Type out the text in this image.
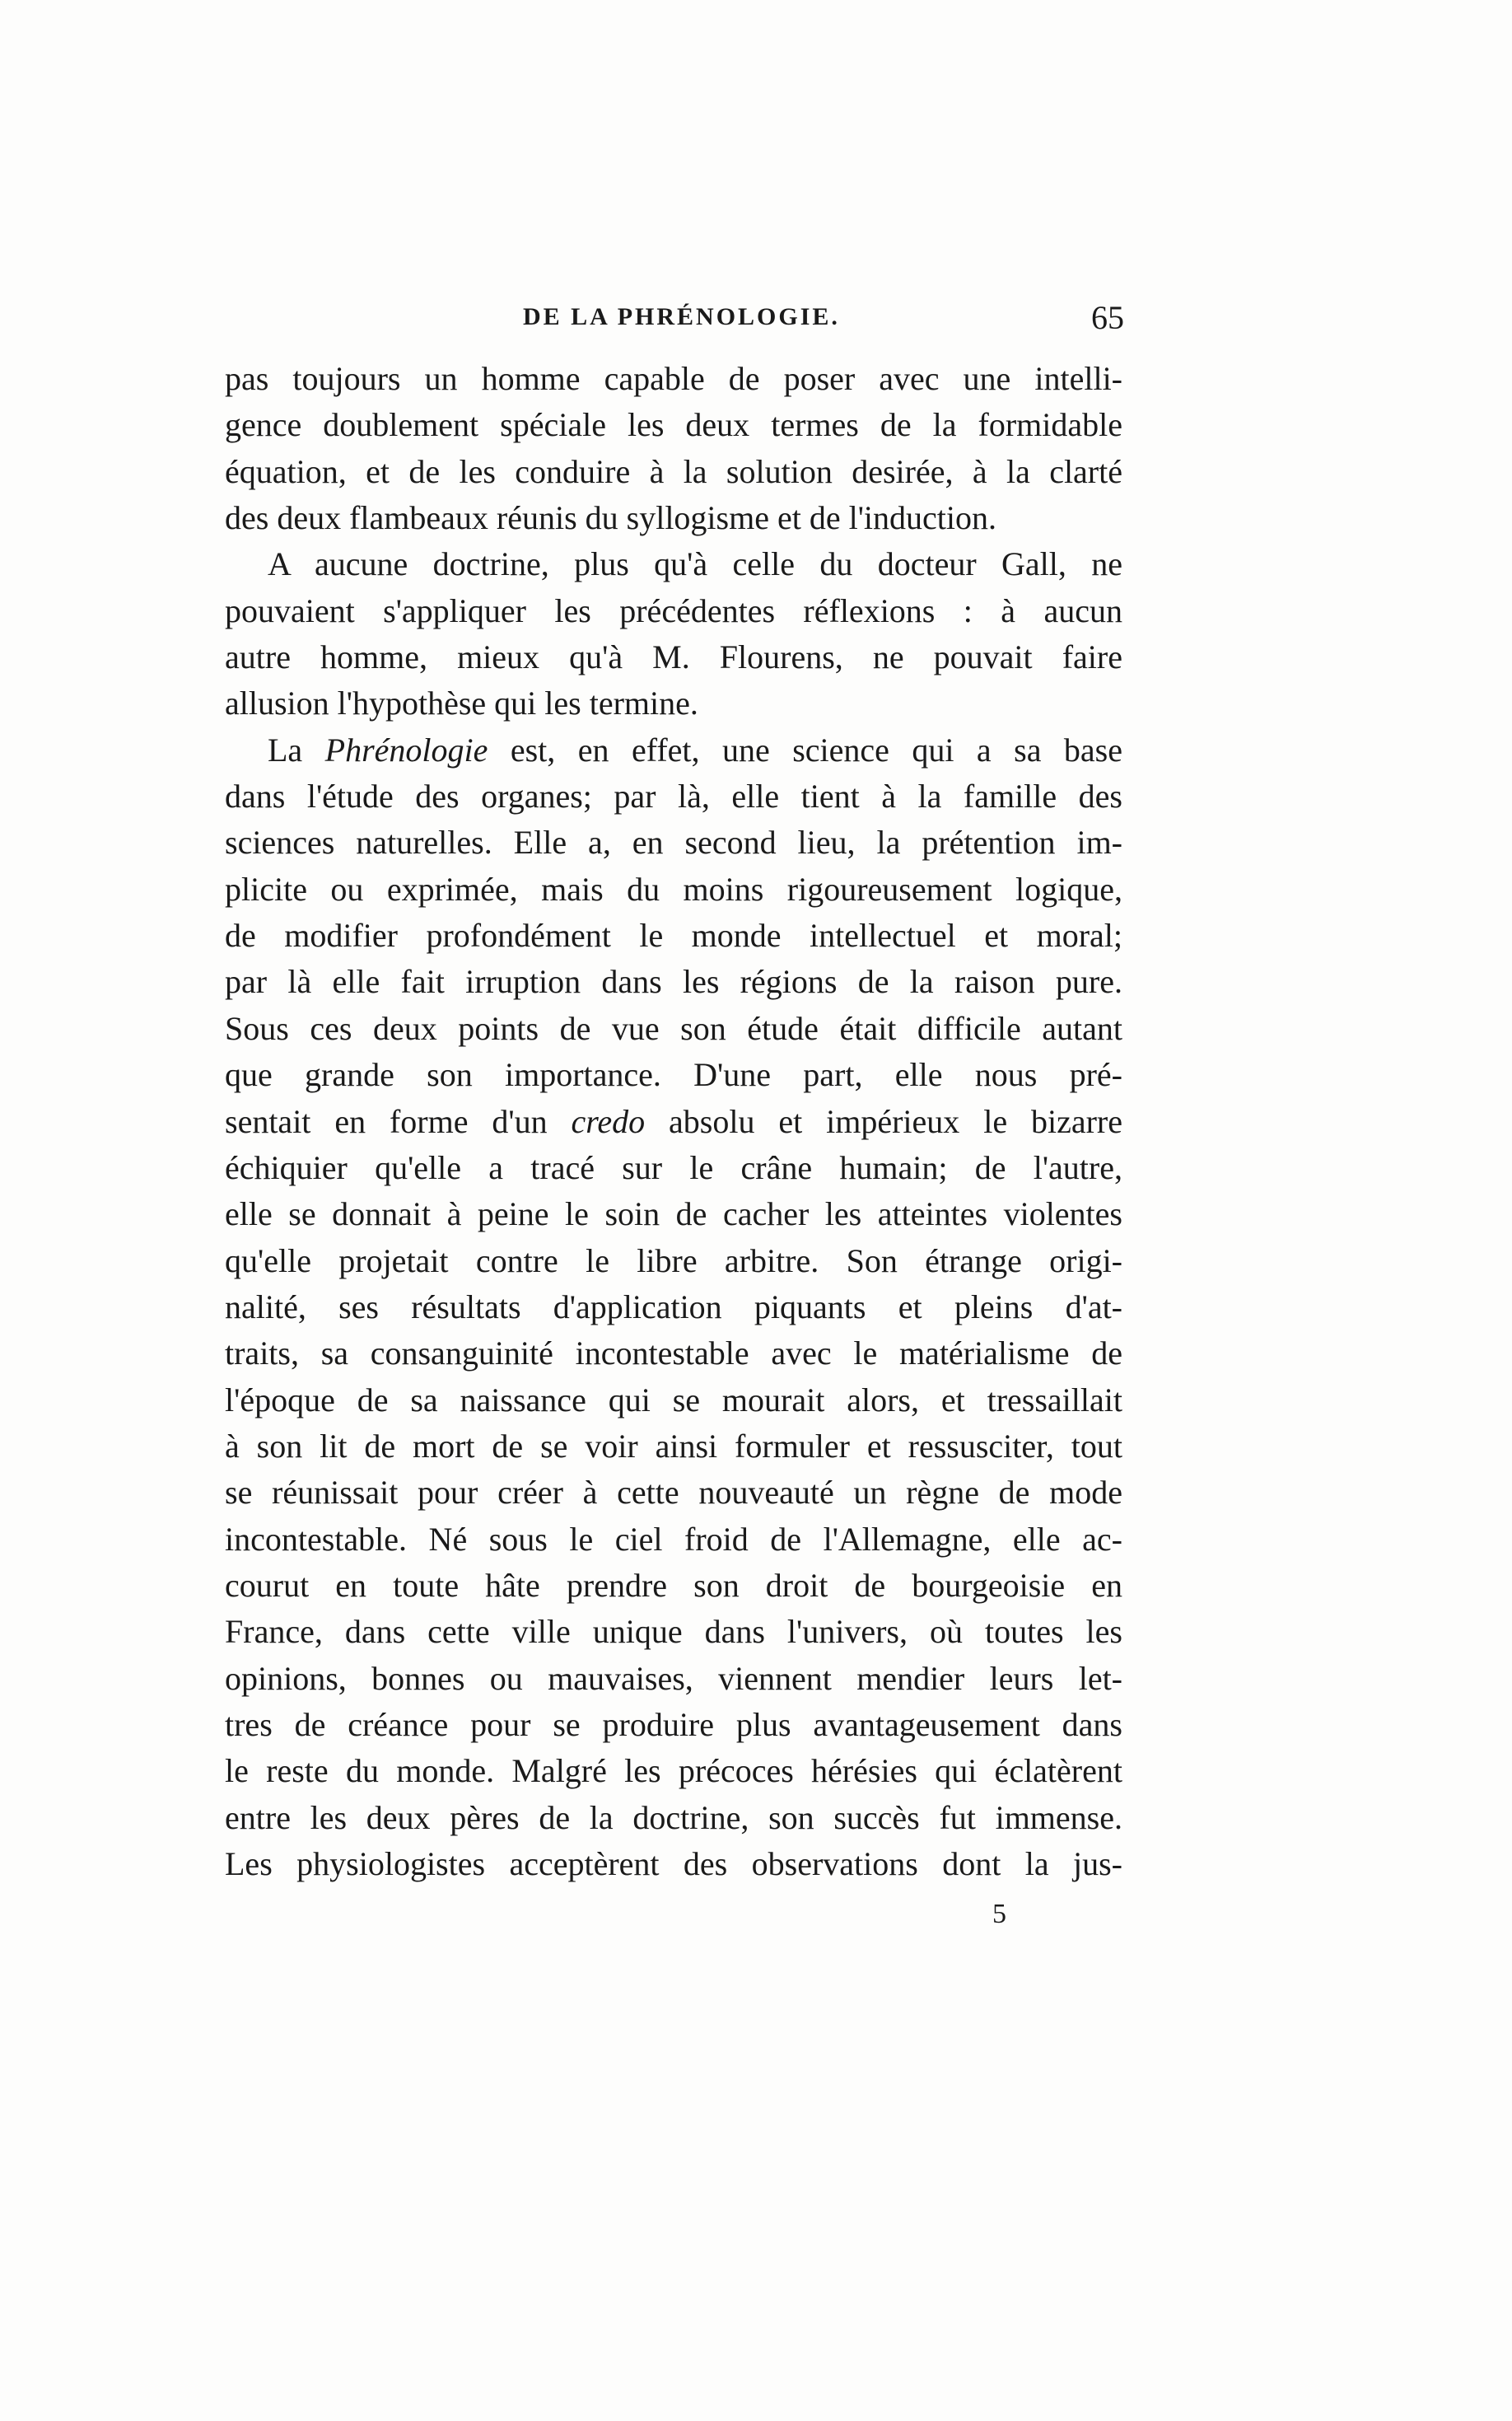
DE LA PHRÉNOLOGIE.	65
pas toujours un homme capable de poser avec une intelli-
gence doublement spéciale les deux termes de la formidable
équation, et de les conduire à la solution desirée, à la clarté
des deux flambeaux réunis du syllogisme et de l'induction.
A aucune doctrine, plus qu'à celle du docteur Gall, ne
pouvaient s'appliquer les précédentes réflexions : à aucun
autre homme, mieux qu'à M. Flourens, ne pouvait faire
allusion l'hypothèse qui les termine.
La Phrénologie est, en effet, une science qui a sa base
dans l'étude des organes; par là, elle tient à la famille des
sciences naturelles. Elle a, en second lieu, la prétention im-
plicite ou exprimée, mais du moins rigoureusement logique,
de modifier profondément le monde intellectuel et moral;
par là elle fait irruption dans les régions de la raison pure.
Sous ces deux points de vue son étude était difficile autant
que grande son importance. D'une part, elle nous pré-
sentait en forme d'un credo absolu et impérieux le bizarre
échiquier qu'elle a tracé sur le crâne humain; de l'autre,
elle se donnait à peine le soin de cacher les atteintes violentes
qu'elle projetait contre le libre arbitre. Son étrange origi-
nalité, ses résultats d'application piquants et pleins d'at-
traits, sa consanguinité incontestable avec le matérialisme de
l'époque de sa naissance qui se mourait alors, et tressaillait
à son lit de mort de se voir ainsi formuler et ressusciter, tout
se réunissait pour créer à cette nouveauté un règne de mode
incontestable. Né sous le ciel froid de l'Allemagne, elle ac-
courut en toute hâte prendre son droit de bourgeoisie en
France, dans cette ville unique dans l'univers, où toutes les
opinions, bonnes ou mauvaises, viennent mendier leurs let-
tres de créance pour se produire plus avantageusement dans
le reste du monde. Malgré les précoces hérésies qui éclatèrent
entre les deux pères de la doctrine, son succès fut immense.
Les physiologistes acceptèrent des observations dont la jus-
5
